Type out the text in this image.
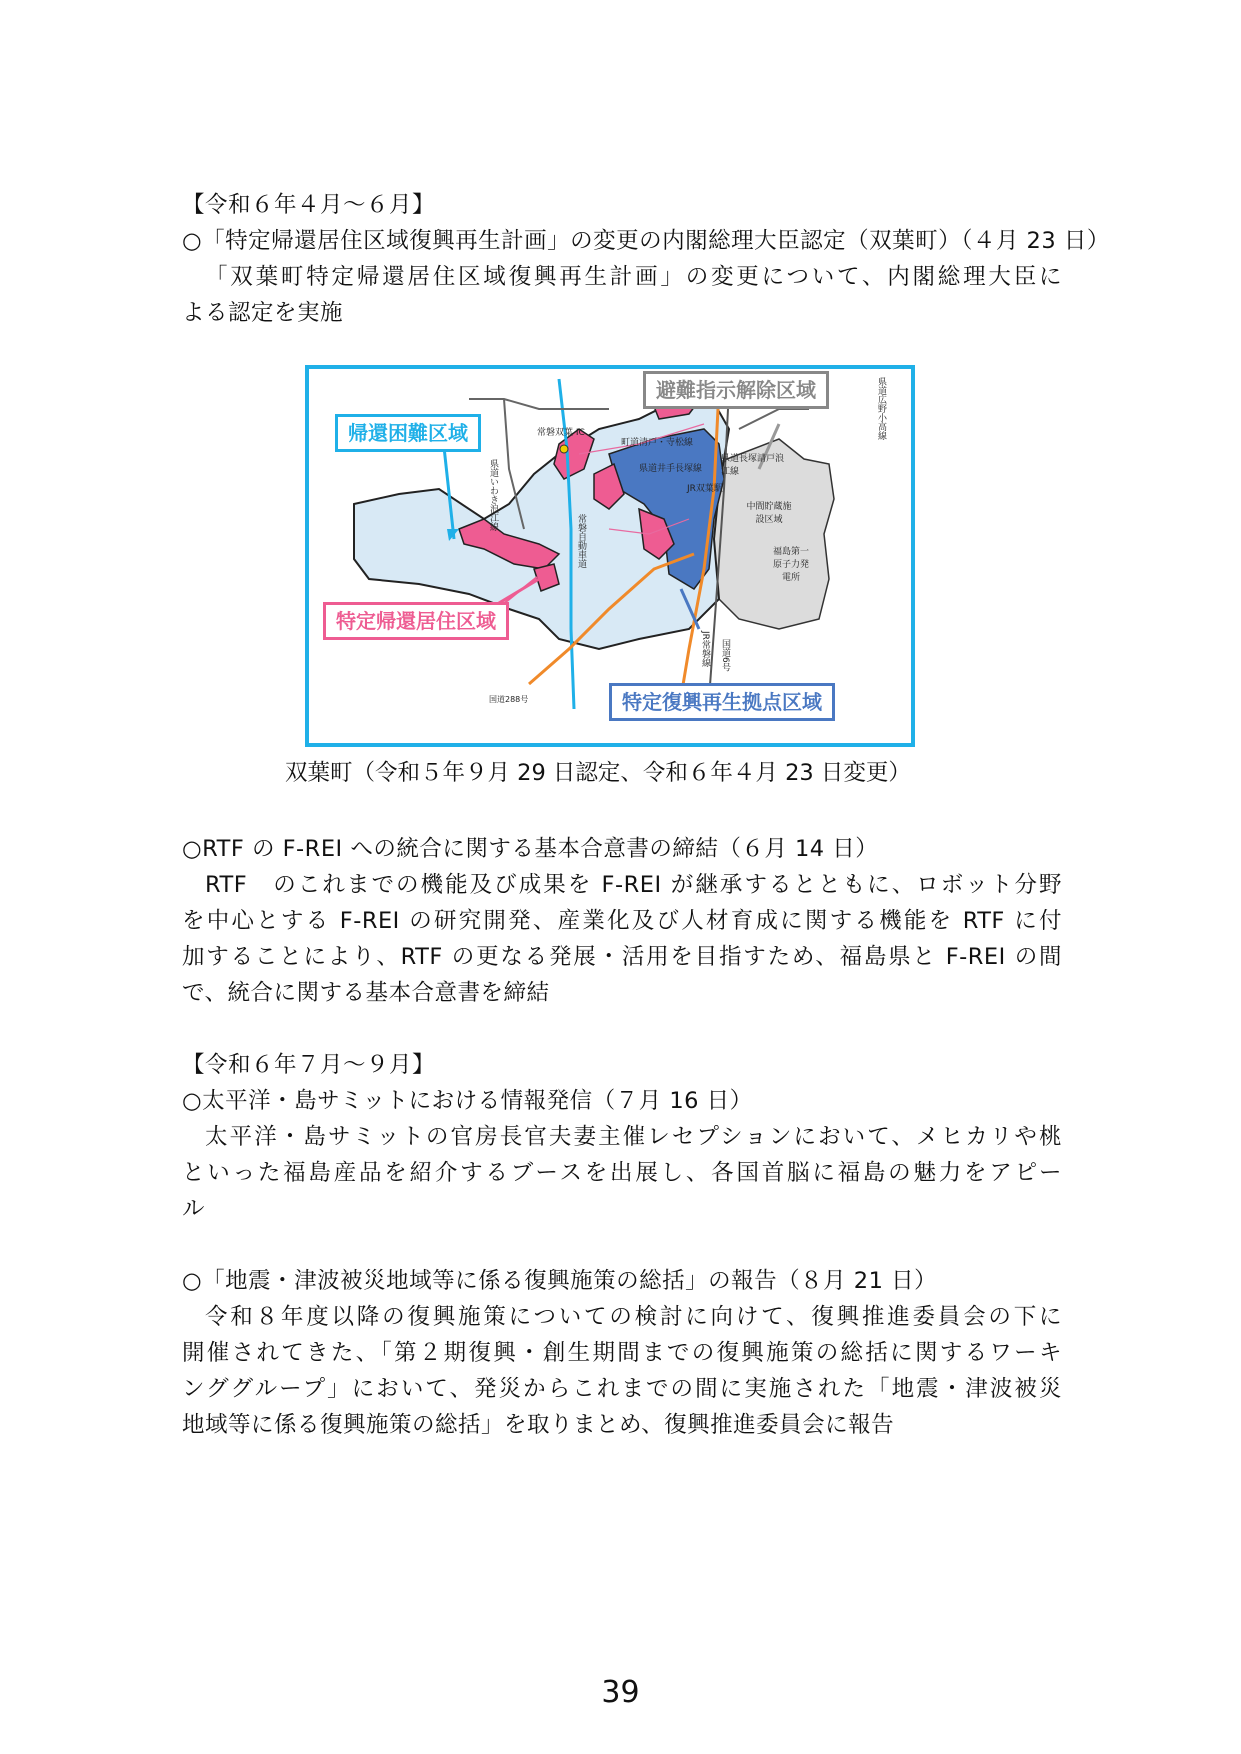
【令和６年４月～６月】
○「特定帰還居住区域復興再生計画」の変更の内閣総理大臣認定（双葉町）（４月 23 日）
「双葉町特定帰還居住区域復興再生計画」の変更について、内閣総理大臣に
よる認定を実施
避難指示解除区域
帰還困難区域
特定帰還居住区域
特定復興再生拠点区域
常磐双葉 IC
JR双葉駅
中間貯蔵施設区域
福島第一原子力発電所
国道288号
県道いわき浪江線
常磐自動車道
県道広野小高線
県道長塚請戸浪江線
県道井手長塚線
町道清戸・寺松線
国道6号
JR常磐線
双葉町（令和５年９月 29 日認定、令和６年４月 23 日変更）
○RTF の F-REI への統合に関する基本合意書の締結（６月 14 日）
RTF　のこれまでの機能及び成果を F-REI が継承するとともに、ロボット分野
を中心とする F-REI の研究開発、産業化及び人材育成に関する機能を RTF に付
加することにより、RTF の更なる発展・活用を目指すため、福島県と F-REI の間
で、統合に関する基本合意書を締結
【令和６年７月～９月】
○太平洋・島サミットにおける情報発信（７月 16 日）
太平洋・島サミットの官房長官夫妻主催レセプションにおいて、メヒカリや桃
といった福島産品を紹介するブースを出展し、各国首脳に福島の魅力をアピー
ル
○「地震・津波被災地域等に係る復興施策の総括」の報告（８月 21 日）
令和８年度以降の復興施策についての検討に向けて、復興推進委員会の下に
開催されてきた、「第２期復興・創生期間までの復興施策の総括に関するワーキ
ンググループ」において、発災からこれまでの間に実施された「地震・津波被災
地域等に係る復興施策の総括」を取りまとめ、復興推進委員会に報告
39
